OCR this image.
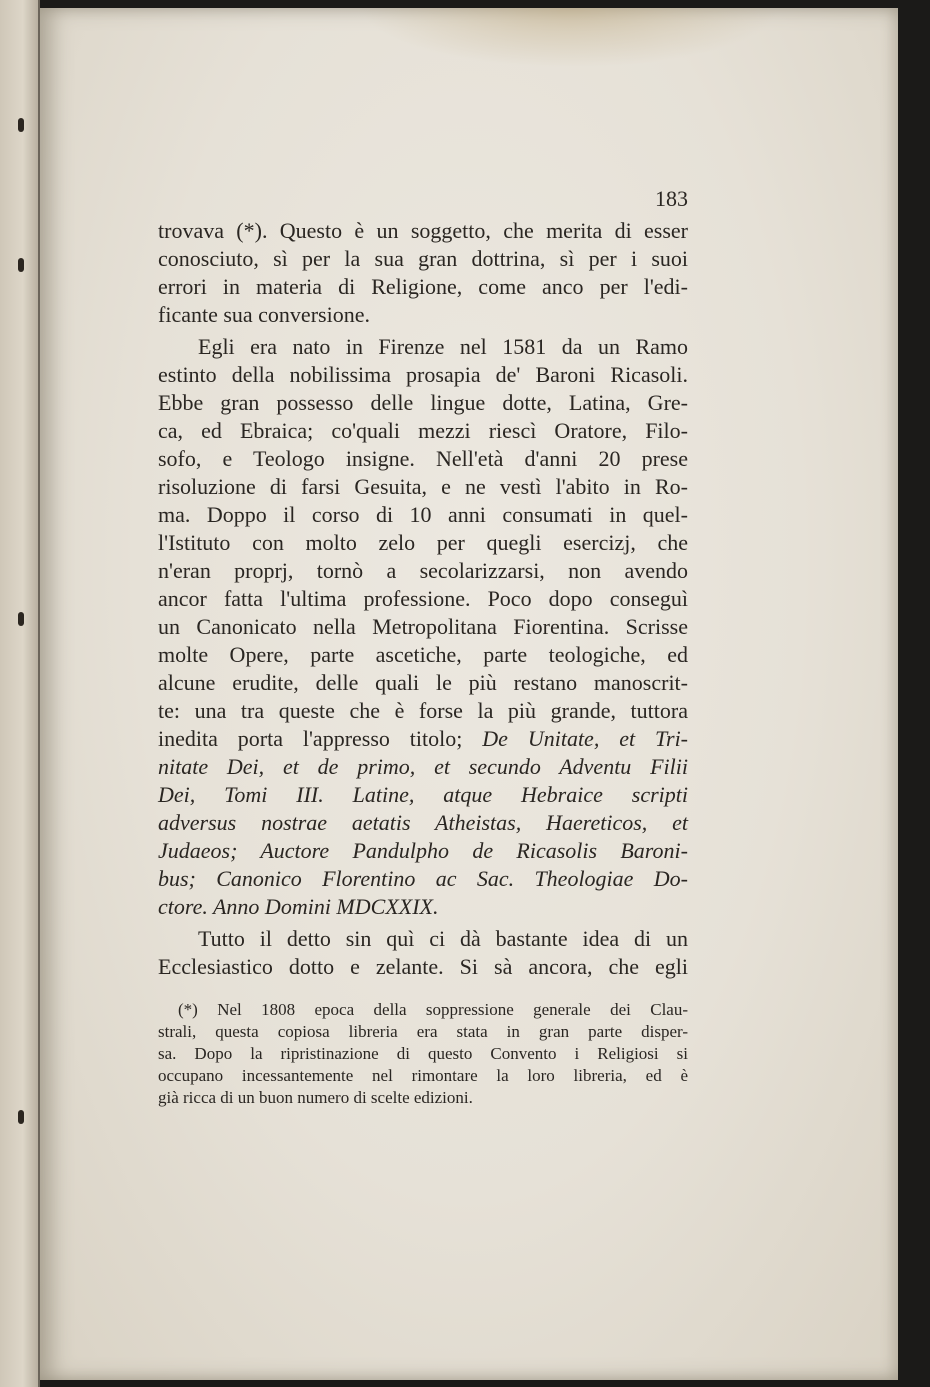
183
trovava (*). Questo è un soggetto, che merita di esser
conosciuto, sì per la sua gran dottrina, sì per i suoi
errori in materia di Religione, come anco per l'edi-
ficante sua conversione.
Egli era nato in Firenze nel 1581 da un Ramo
estinto della nobilissima prosapia de' Baroni Ricasoli.
Ebbe gran possesso delle lingue dotte, Latina, Gre-
ca, ed Ebraica; co'quali mezzi riescì Oratore, Filo-
sofo, e Teologo insigne. Nell'età d'anni 20 prese
risoluzione di farsi Gesuita, e ne vestì l'abito in Ro-
ma. Doppo il corso di 10 anni consumati in quel-
l'Istituto con molto zelo per quegli esercizj, che
n'eran proprj, tornò a secolarizzarsi, non avendo
ancor fatta l'ultima professione. Poco dopo conseguì
un Canonicato nella Metropolitana Fiorentina. Scrisse
molte Opere, parte ascetiche, parte teologiche, ed
alcune erudite, delle quali le più restano manoscrit-
te: una tra queste che è forse la più grande, tuttora
inedita porta l'appresso titolo; De Unitate, et Tri-
nitate Dei, et de primo, et secundo Adventu Filii
Dei, Tomi III. Latine, atque Hebraice scripti
adversus nostrae aetatis Atheistas, Haereticos, et
Judaeos; Auctore Pandulpho de Ricasolis Baroni-
bus; Canonico Florentino ac Sac. Theologiae Do-
ctore. Anno Domini MDCXXIX.
Tutto il detto sin quì ci dà bastante idea di un
Ecclesiastico dotto e zelante. Si sà ancora, che egli
(*) Nel 1808 epoca della soppressione generale dei Clau-
strali, questa copiosa libreria era stata in gran parte disper-
sa. Dopo la ripristinazione di questo Convento i Religiosi si
occupano incessantemente nel rimontare la loro libreria, ed è
già ricca di un buon numero di scelte edizioni.
